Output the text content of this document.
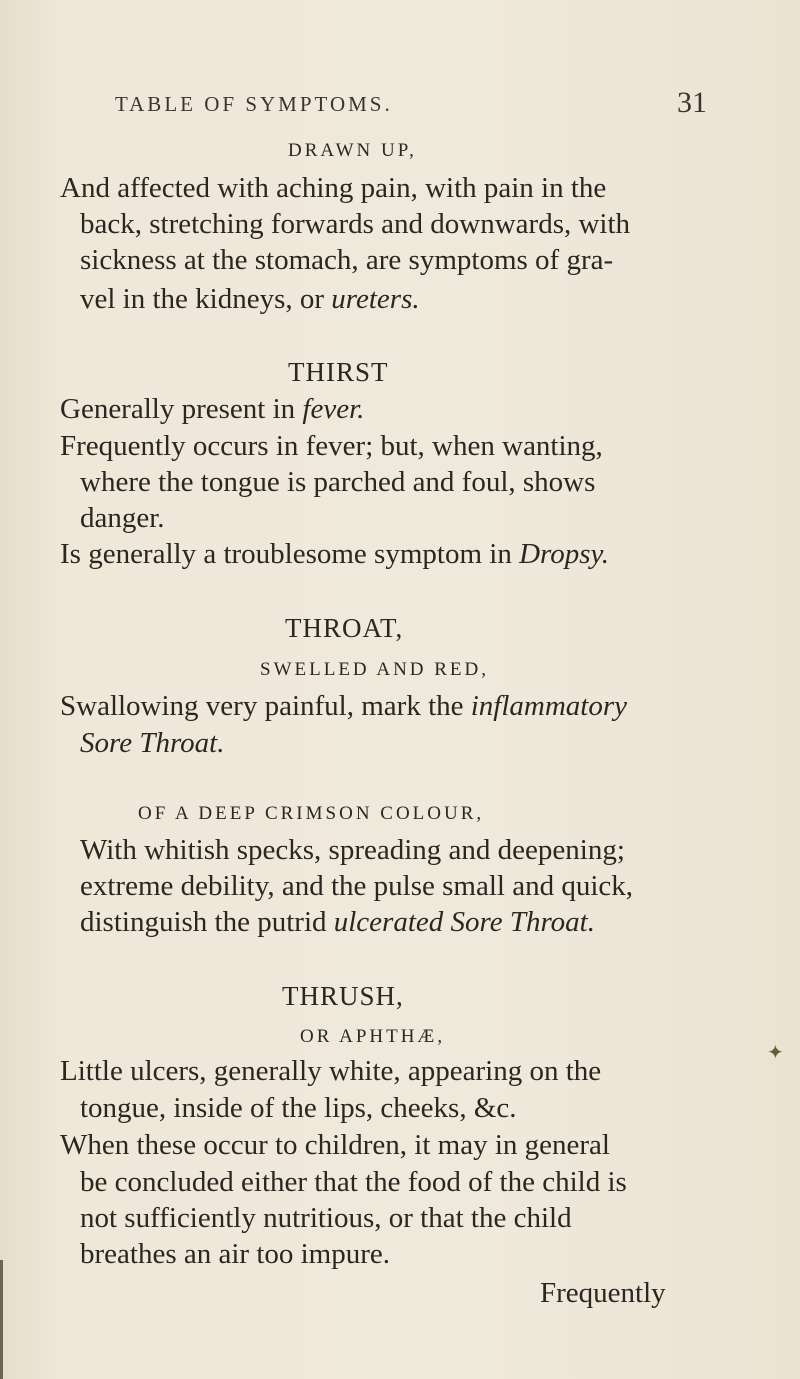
TABLE OF SYMPTOMS.	31
DRAWN UP,
And affected with aching pain, with pain in the
back, stretching forwards and downwards, with
sickness at the stomach, are symptoms of gra-
vel in the kidneys, or ureters.
THIRST
Generally present in fever.
Frequently occurs in fever; but, when wanting,
where the tongue is parched and foul, shows
danger.
Is generally a troublesome symptom in Dropsy.
THROAT,
SWELLED AND RED,
Swallowing very painful, mark the inflammatory
Sore Throat.
OF A DEEP CRIMSON COLOUR,
With whitish specks, spreading and deepening;
extreme debility, and the pulse small and quick,
distinguish the putrid ulcerated Sore Throat.
THRUSH,
OR APHTHÆ,
Little ulcers, generally white, appearing on the
tongue, inside of the lips, cheeks, &c.
When these occur to children, it may in general
be concluded either that the food of the child is
not sufficiently nutritious, or that the child
breathes an air too impure.
Frequently
✦
